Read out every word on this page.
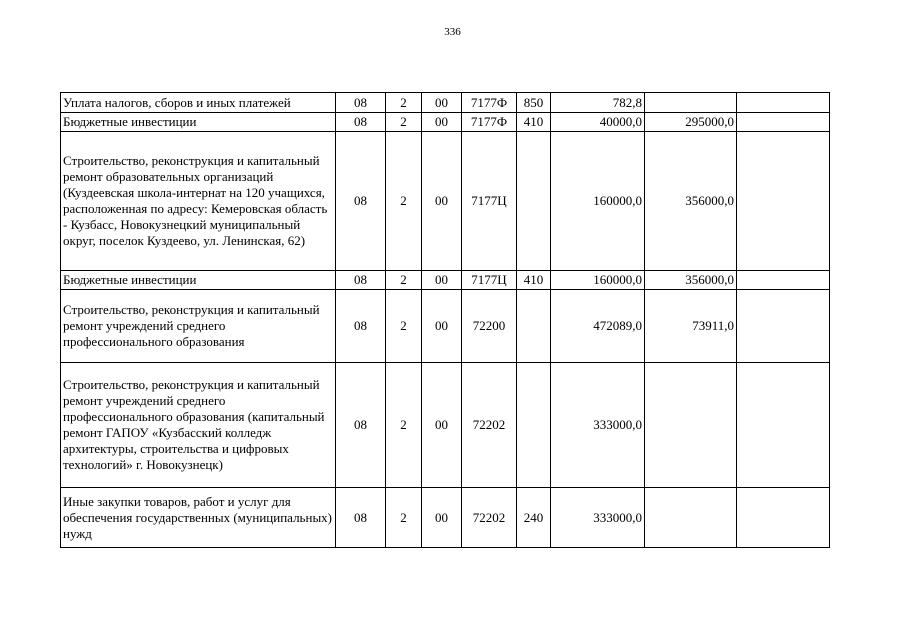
336
Уплата налогов, сборов и иных платежей	08	2	00	7177Ф	850	782,8		
Бюджетные инвестиции	08	2	00	7177Ф	410	40000,0	295000,0	
Строительство, реконструкция и капитальный ремонт образовательных организаций (Куздеевская школа-интернат на 120 учащихся, расположенная по адресу: Кемеровская область - Кузбасс, Новокузнецкий муниципальный округ, поселок Куздеево, ул. Ленинская, 62)	08	2	00	7177Ц		160000,0	356000,0	
Бюджетные инвестиции	08	2	00	7177Ц	410	160000,0	356000,0	
Строительство, реконструкция и капитальный ремонт учреждений среднего профессионального образования	08	2	00	72200		472089,0	73911,0	
Строительство, реконструкция и капитальный ремонт учреждений среднего профессионального образования (капитальный ремонт ГАПОУ «Кузбасский колледж архитектуры, строительства и цифровых технологий» г. Новокузнецк)	08	2	00	72202		333000,0		
Иные закупки товаров, работ и услуг для обеспечения государственных (муниципальных) нужд	08	2	00	72202	240	333000,0		
